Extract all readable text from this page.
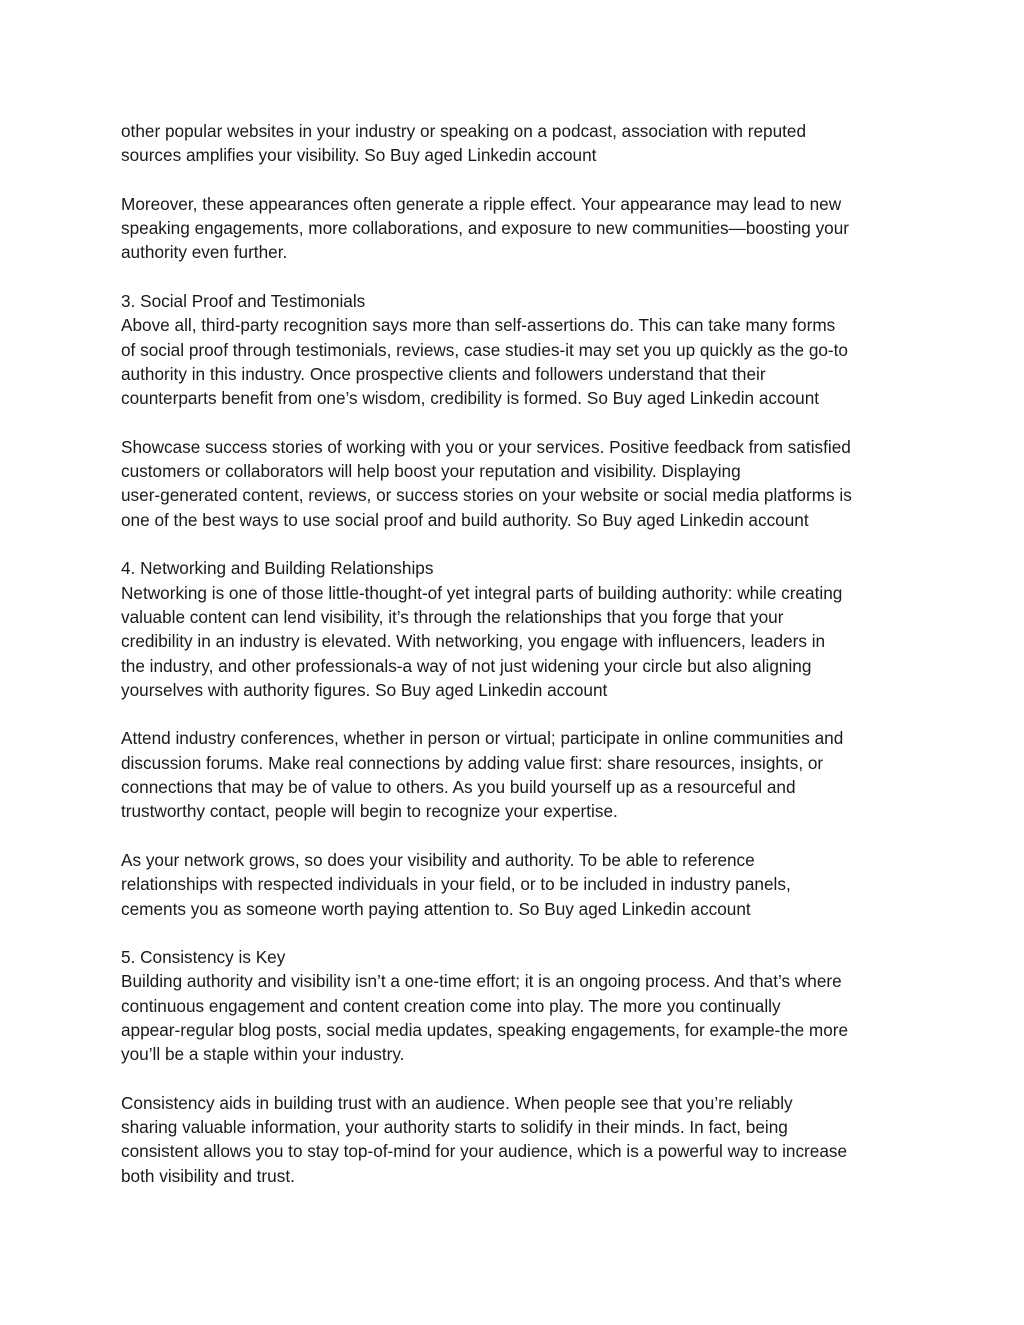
other popular websites in your industry or speaking on a podcast, association with reputed
sources amplifies your visibility. So Buy aged Linkedin account
Moreover, these appearances often generate a ripple effect. Your appearance may lead to new
speaking engagements, more collaborations, and exposure to new communities—boosting your
authority even further.
3. Social Proof and Testimonials
Above all, third-party recognition says more than self-assertions do. This can take many forms
of social proof through testimonials, reviews, case studies-it may set you up quickly as the go-to
authority in this industry. Once prospective clients and followers understand that their
counterparts benefit from one’s wisdom, credibility is formed. So Buy aged Linkedin account
Showcase success stories of working with you or your services. Positive feedback from satisfied
customers or collaborators will help boost your reputation and visibility. Displaying
user-generated content, reviews, or success stories on your website or social media platforms is
one of the best ways to use social proof and build authority. So Buy aged Linkedin account
4. Networking and Building Relationships
Networking is one of those little-thought-of yet integral parts of building authority: while creating
valuable content can lend visibility, it’s through the relationships that you forge that your
credibility in an industry is elevated. With networking, you engage with influencers, leaders in
the industry, and other professionals-a way of not just widening your circle but also aligning
yourselves with authority figures. So Buy aged Linkedin account
Attend industry conferences, whether in person or virtual; participate in online communities and
discussion forums. Make real connections by adding value first: share resources, insights, or
connections that may be of value to others. As you build yourself up as a resourceful and
trustworthy contact, people will begin to recognize your expertise.
As your network grows, so does your visibility and authority. To be able to reference
relationships with respected individuals in your field, or to be included in industry panels,
cements you as someone worth paying attention to. So Buy aged Linkedin account
5. Consistency is Key
Building authority and visibility isn’t a one-time effort; it is an ongoing process. And that’s where
continuous engagement and content creation come into play. The more you continually
appear-regular blog posts, social media updates, speaking engagements, for example-the more
you’ll be a staple within your industry.
Consistency aids in building trust with an audience. When people see that you’re reliably
sharing valuable information, your authority starts to solidify in their minds. In fact, being
consistent allows you to stay top-of-mind for your audience, which is a powerful way to increase
both visibility and trust.
